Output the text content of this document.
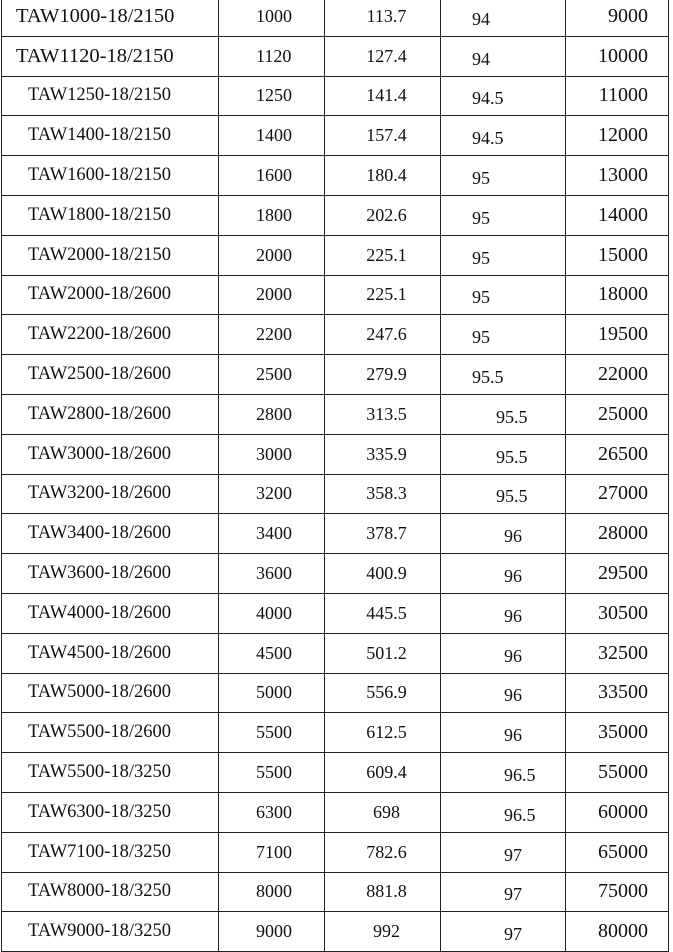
TAW1000-18/2150	1000	113.7	94	9000
TAW1120-18/2150	1120	127.4	94	10000
TAW1250-18/2150	1250	141.4	94.5	11000
TAW1400-18/2150	1400	157.4	94.5	12000
TAW1600-18/2150	1600	180.4	95	13000
TAW1800-18/2150	1800	202.6	95	14000
TAW2000-18/2150	2000	225.1	95	15000
TAW2000-18/2600	2000	225.1	95	18000
TAW2200-18/2600	2200	247.6	95	19500
TAW2500-18/2600	2500	279.9	95.5	22000
TAW2800-18/2600	2800	313.5	95.5	25000
TAW3000-18/2600	3000	335.9	95.5	26500
TAW3200-18/2600	3200	358.3	95.5	27000
TAW3400-18/2600	3400	378.7	96	28000
TAW3600-18/2600	3600	400.9	96	29500
TAW4000-18/2600	4000	445.5	96	30500
TAW4500-18/2600	4500	501.2	96	32500
TAW5000-18/2600	5000	556.9	96	33500
TAW5500-18/2600	5500	612.5	96	35000
TAW5500-18/3250	5500	609.4	96.5	55000
TAW6300-18/3250	6300	698	96.5	60000
TAW7100-18/3250	7100	782.6	97	65000
TAW8000-18/3250	8000	881.8	97	75000
TAW9000-18/3250	9000	992	97	80000
